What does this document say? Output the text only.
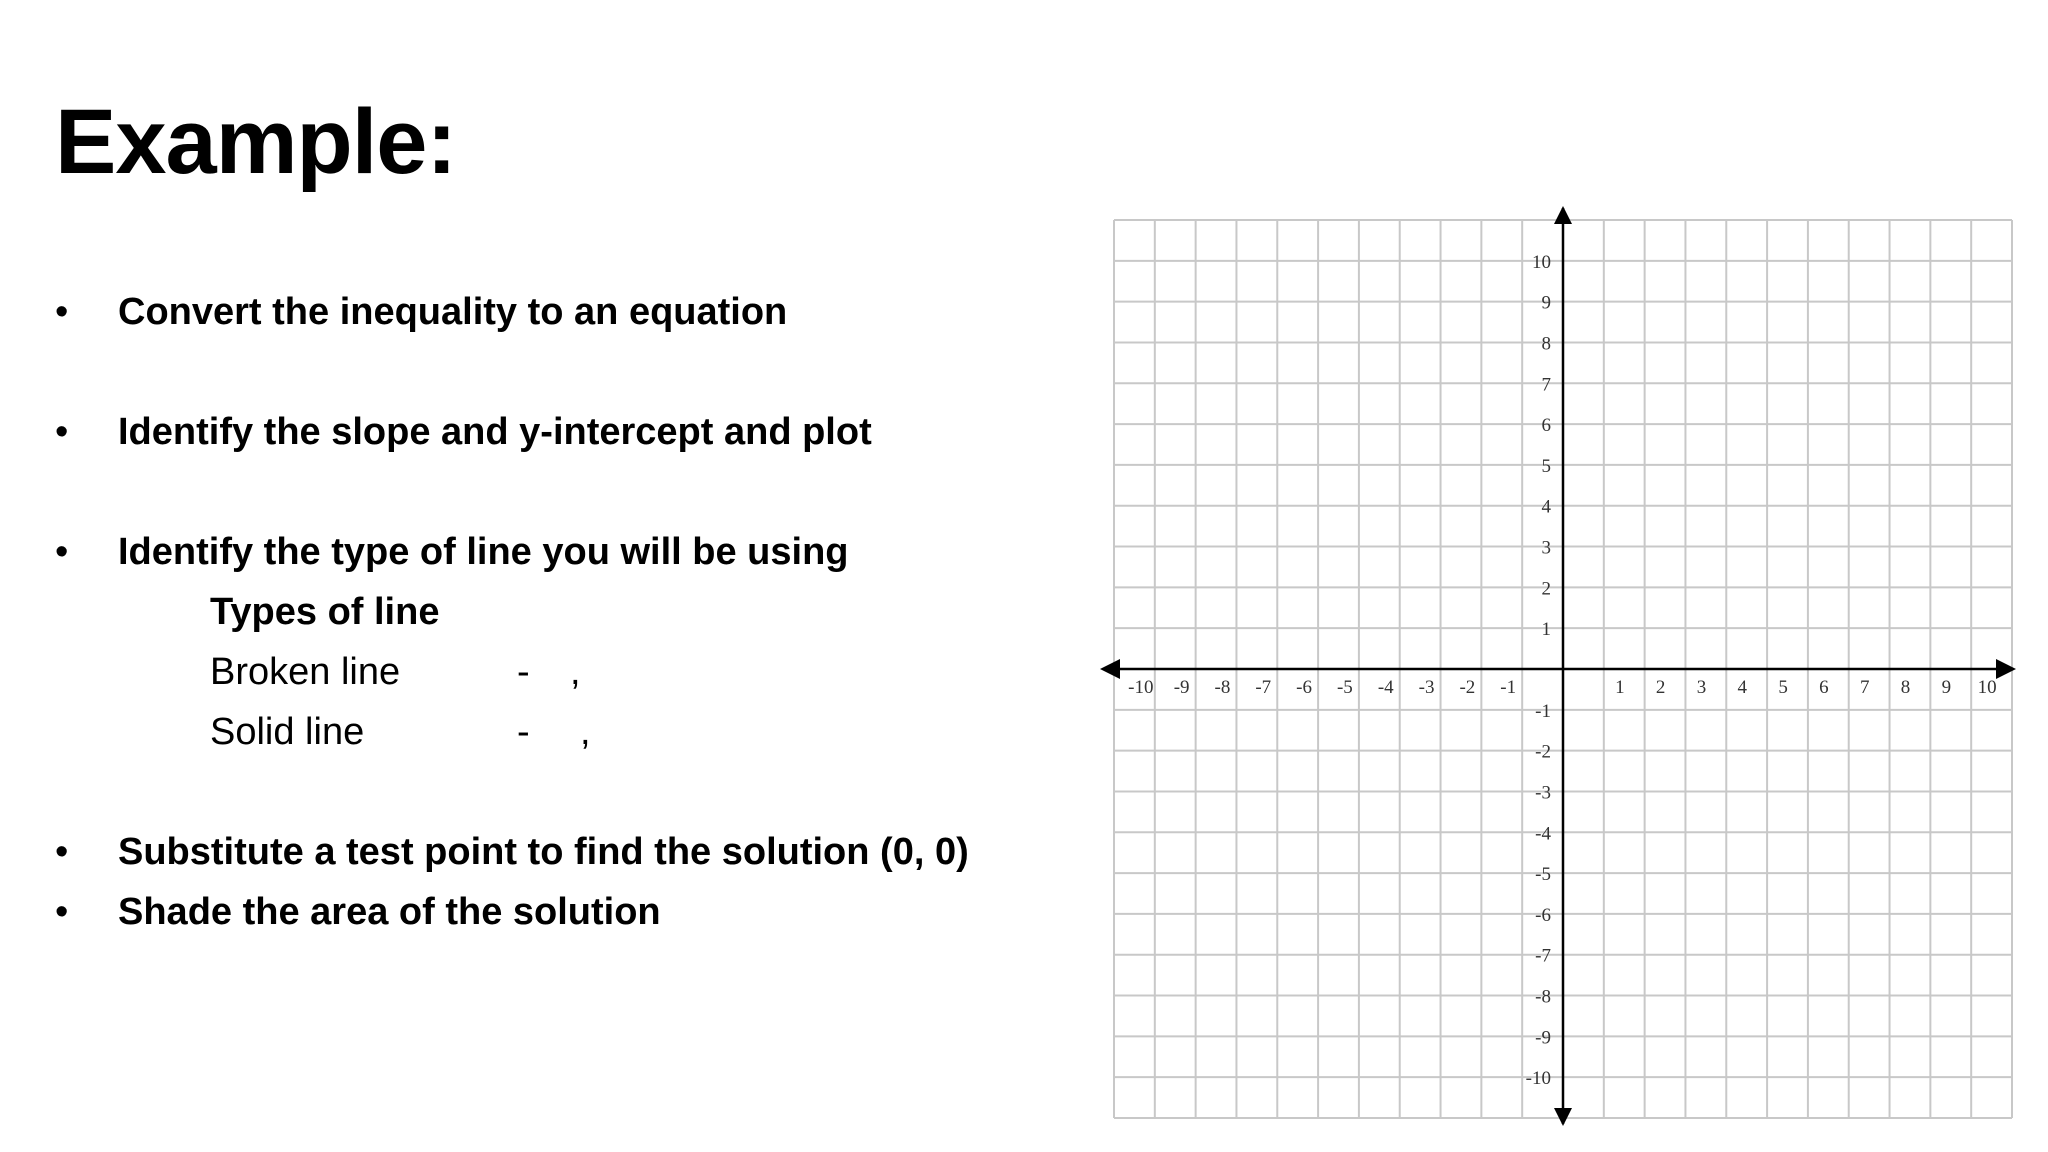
Example:
• Convert the inequality to an equation
• Identify the slope and y-intercept and plot
• Identify the type of line you will be using
Types of line
Broken line	- ,
Solid line	- ,
• Substitute a test point to find the solution (0, 0)
• Shade the area of the solution
-10 -9 -8 -7 -6 -5 -4 -3 -2 -1	1 2 3 4 5 6 7 8 9 10
10
9
8
7
6
5
4
3
2
1
-1
-2
-3
-4
-5
-6
-7
-8
-9
-10
